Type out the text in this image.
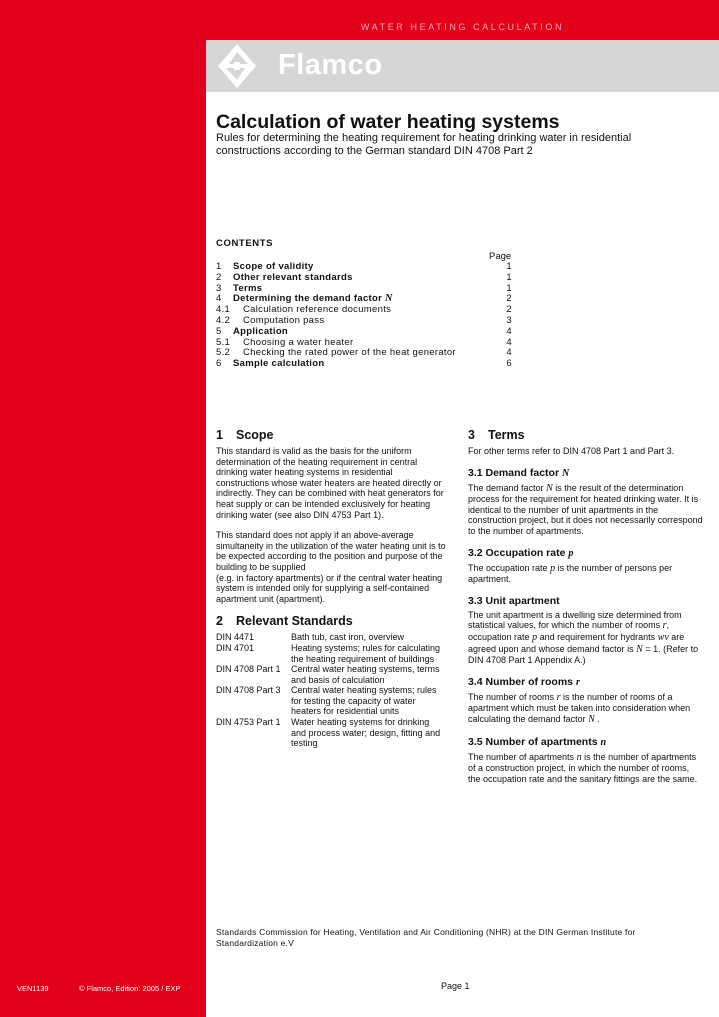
WATER HEATING CALCULATION
Flamco
Calculation of water heating systems
Rules for determining the heating requirement for heating drinking water in residential constructions according to the German standard DIN 4708 Part 2
CONTENTS
Page
1 Scope of validity	1
2 Other relevant standards	1
3 Terms	1
4 Determining the demand factor N	2
4.1 Calculation reference documents	2
4.2 Computation pass	3
5 Application	4
5.1 Choosing a water heater	4
5.2 Checking the rated power of the heat generator	4
6 Sample calculation	6
1 Scope

This standard is valid as the basis for the uniform determination of the heating requirement in central drinking water heating systems in residential constructions whose water heaters are heated directly or indirectly. They can be combined with heat generators for heat supply or can be intended exclusively for heating drinking water (see also DIN 4753 Part 1).

This standard does not apply if an above-average simultaneity in the utilization of the water heating unit is to be expected according to the position and purpose of the building to be supplied

(e.g. in factory apartments) or if the central water heating system is intended only for supplying a self-contained apartment unit (apartment).

2 Relevant Standards
DIN 4471	Bath tub, cast iron, overview
DIN 4701	Heating systems; rules for calculating the heating requirement of buildings
DIN 4708 Part 1 Central water heating systems, terms and basis of calculation
DIN 4708 Part 3 Central water heating systems; rules for testing the capacity of water heaters for residential units
DIN 4753 Part 1 Water heating systems for drinking and process water; design, fitting and testing
3 Terms

For other terms refer to DIN 4708 Part 1 and Part 3.

3.1 Demand factor N

The demand factor N is the result of the determination process for the requirement for heated drinking water. It is identical to the number of unit apartments in the construction project, but it does not necessarily correspond to the number of apartments.

3.2 Occupation rate p

The occupation rate p is the number of persons per apartment.

3.3 Unit apartment

The unit apartment is a dwelling size determined from statistical values, for which the number of rooms r, occupation rate p and requirement for hydrants wv are agreed upon and whose demand factor is N = 1. (Refer to DIN 4708 Part 1 Appendix A.)

3.4 Number of rooms r

The number of rooms r is the number of rooms of a apartment which must be taken into consideration when calculating the demand factor N .

3.5 Number of apartments n

The number of apartments n is the number of apartments of a construction project, in which the number of rooms, the occupation rate and the sanitary fittings are the same.

Standards Commission for Heating, Ventilation and Air Conditioning (NHR) at the DIN German Institute for Standardization e.V
Page 1
VEN1139	© Flamco, Edition: 2005 / EXP
